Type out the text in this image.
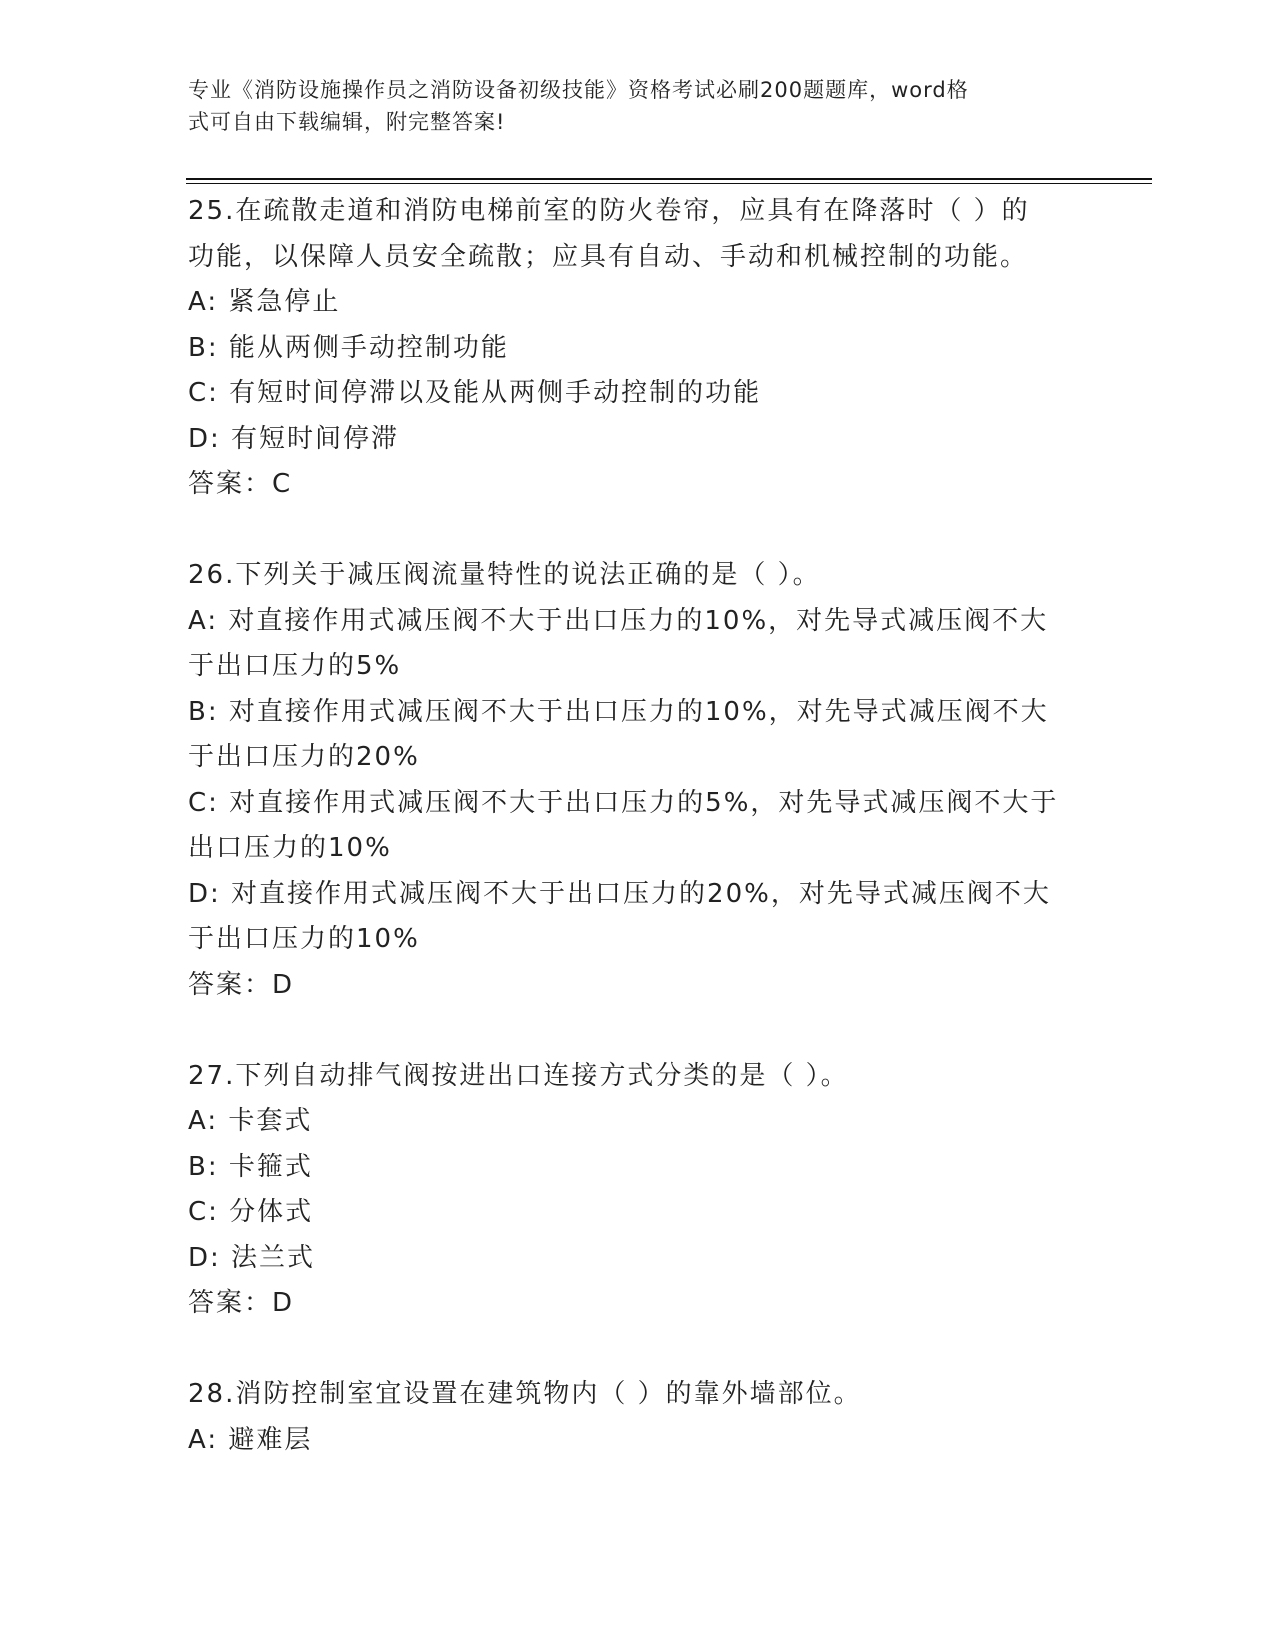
专业《消防设施操作员之消防设备初级技能》资格考试必刷200题题库，word格
式可自由下载编辑，附完整答案!
25.在疏散走道和消防电梯前室的防火卷帘，应具有在降落时（ ）的
功能，以保障人员安全疏散；应具有自动、手动和机械控制的功能。
A: 紧急停止
B: 能从两侧手动控制功能
C: 有短时间停滞以及能从两侧手动控制的功能
D: 有短时间停滞
答案：C
26.下列关于减压阀流量特性的说法正确的是（ ）。
A: 对直接作用式减压阀不大于出口压力的10%，对先导式减压阀不大
于出口压力的5%
B: 对直接作用式减压阀不大于出口压力的10%，对先导式减压阀不大
于出口压力的20%
C: 对直接作用式减压阀不大于出口压力的5%，对先导式减压阀不大于
出口压力的10%
D: 对直接作用式减压阀不大于出口压力的20%，对先导式减压阀不大
于出口压力的10%
答案：D
27.下列自动排气阀按进出口连接方式分类的是（ ）。
A: 卡套式
B: 卡箍式
C: 分体式
D: 法兰式
答案：D
28.消防控制室宜设置在建筑物内（ ）的靠外墙部位。
A: 避难层
